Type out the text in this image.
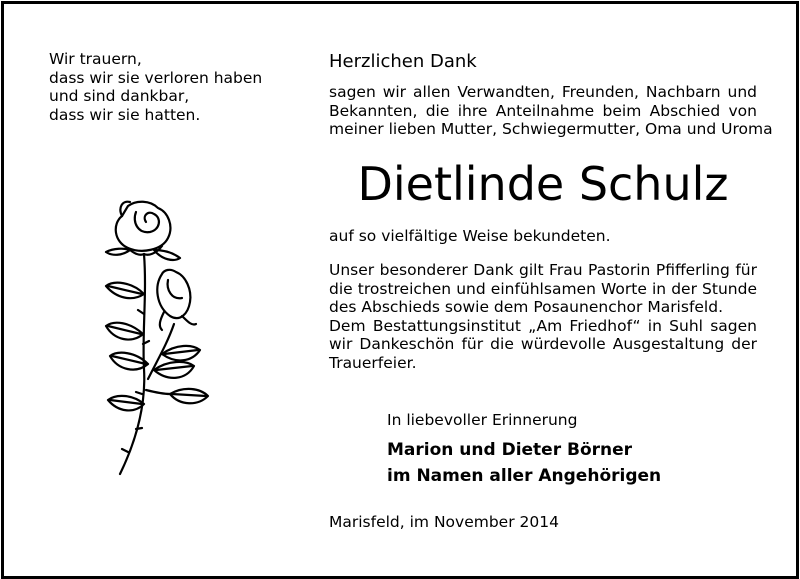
Wir trauern,
dass wir sie verloren haben
und sind dankbar,
dass wir sie hatten.
Herzlichen Dank
sagen wir allen Verwandten, Freunden, Nachbarn und
Bekannten, die ihre Anteilnahme beim Abschied von
meiner lieben Mutter, Schwiegermutter, Oma und Uroma
Dietlinde Schulz
auf so vielfältige Weise bekundeten.
Unser besonderer Dank gilt Frau Pastorin Pfifferling für
die trostreichen und einfühlsamen Worte in der Stunde
des Abschieds sowie dem Posaunenchor Marisfeld.
Dem Bestattungsinstitut „Am Friedhof“ in Suhl sagen
wir Dankeschön für die würdevolle Ausgestaltung der
Trauerfeier.
In liebevoller Erinnerung
Marion und Dieter Börner
im Namen aller Angehörigen
Marisfeld, im November 2014
